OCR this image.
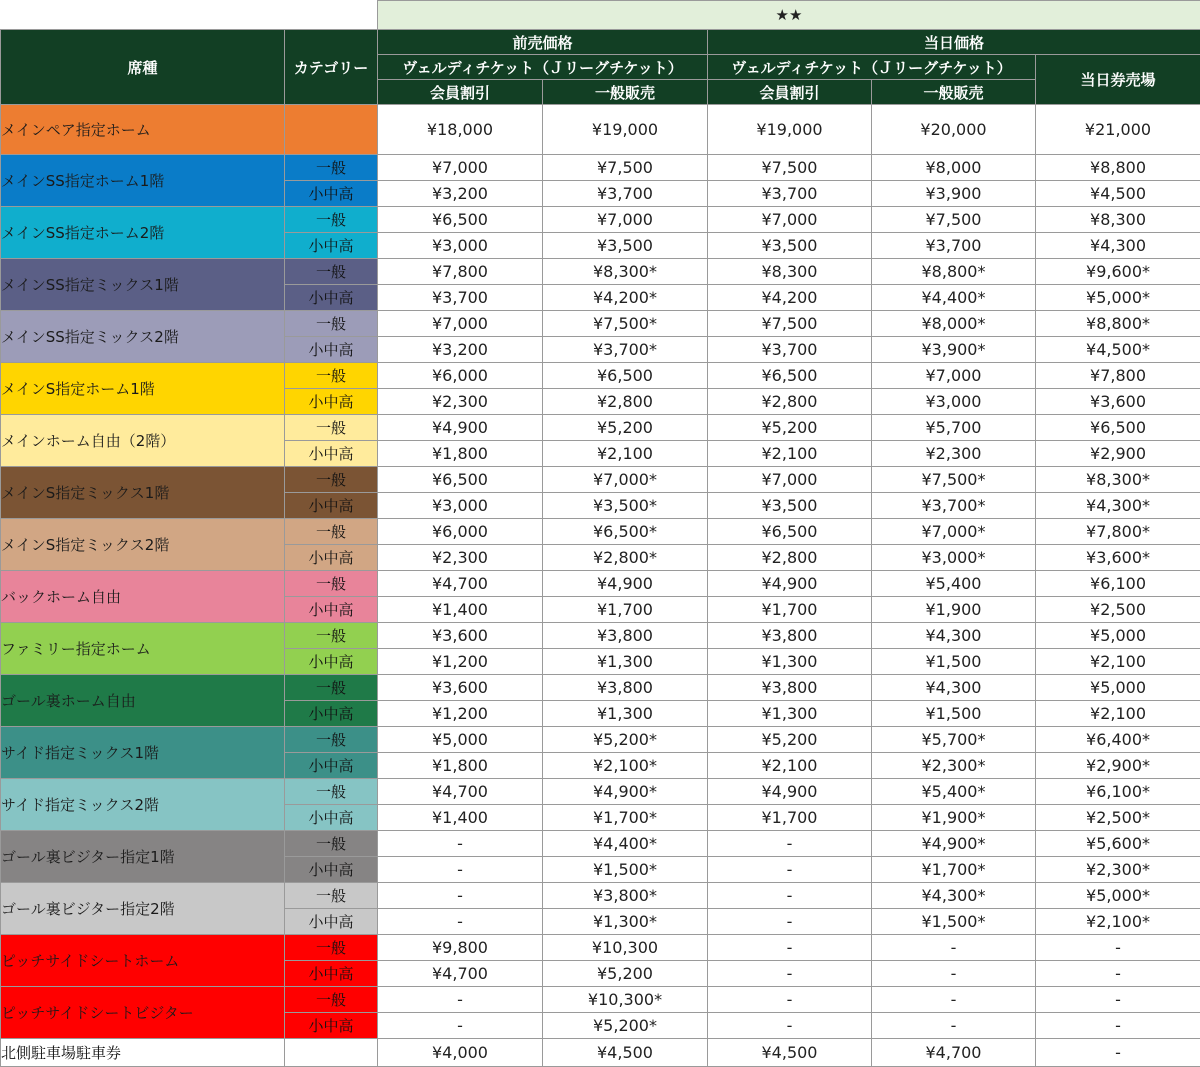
		★★				
席種	カテゴリー	前売価格		当日価格		
		ヴェルディチケット（Ｊリーグチケット）		ヴェルディチケット（Ｊリーグチケット）		当日券売場
		会員割引	一般販売	会員割引	一般販売	
メインペア指定ホーム		¥18,000	¥19,000	¥19,000	¥20,000	¥21,000
メインSS指定ホーム1階	一般	¥7,000	¥7,500	¥7,500	¥8,000	¥8,800
	小中高	¥3,200	¥3,700	¥3,700	¥3,900	¥4,500
メインSS指定ホーム2階	一般	¥6,500	¥7,000	¥7,000	¥7,500	¥8,300
	小中高	¥3,000	¥3,500	¥3,500	¥3,700	¥4,300
メインSS指定ミックス1階	一般	¥7,800	¥8,300*	¥8,300	¥8,800*	¥9,600*
	小中高	¥3,700	¥4,200*	¥4,200	¥4,400*	¥5,000*
メインSS指定ミックス2階	一般	¥7,000	¥7,500*	¥7,500	¥8,000*	¥8,800*
	小中高	¥3,200	¥3,700*	¥3,700	¥3,900*	¥4,500*
メインS指定ホーム1階	一般	¥6,000	¥6,500	¥6,500	¥7,000	¥7,800
	小中高	¥2,300	¥2,800	¥2,800	¥3,000	¥3,600
メインホーム自由（2階）	一般	¥4,900	¥5,200	¥5,200	¥5,700	¥6,500
	小中高	¥1,800	¥2,100	¥2,100	¥2,300	¥2,900
メインS指定ミックス1階	一般	¥6,500	¥7,000*	¥7,000	¥7,500*	¥8,300*
	小中高	¥3,000	¥3,500*	¥3,500	¥3,700*	¥4,300*
メインS指定ミックス2階	一般	¥6,000	¥6,500*	¥6,500	¥7,000*	¥7,800*
	小中高	¥2,300	¥2,800*	¥2,800	¥3,000*	¥3,600*
バックホーム自由	一般	¥4,700	¥4,900	¥4,900	¥5,400	¥6,100
	小中高	¥1,400	¥1,700	¥1,700	¥1,900	¥2,500
ファミリー指定ホーム	一般	¥3,600	¥3,800	¥3,800	¥4,300	¥5,000
	小中高	¥1,200	¥1,300	¥1,300	¥1,500	¥2,100
ゴール裏ホーム自由	一般	¥3,600	¥3,800	¥3,800	¥4,300	¥5,000
	小中高	¥1,200	¥1,300	¥1,300	¥1,500	¥2,100
サイド指定ミックス1階	一般	¥5,000	¥5,200*	¥5,200	¥5,700*	¥6,400*
	小中高	¥1,800	¥2,100*	¥2,100	¥2,300*	¥2,900*
サイド指定ミックス2階	一般	¥4,700	¥4,900*	¥4,900	¥5,400*	¥6,100*
	小中高	¥1,400	¥1,700*	¥1,700	¥1,900*	¥2,500*
ゴール裏ビジター指定1階	一般	-	¥4,400*	-	¥4,900*	¥5,600*
	小中高	-	¥1,500*	-	¥1,700*	¥2,300*
ゴール裏ビジター指定2階	一般	-	¥3,800*	-	¥4,300*	¥5,000*
	小中高	-	¥1,300*	-	¥1,500*	¥2,100*
ピッチサイドシートホーム	一般	¥9,800	¥10,300	-	-	-
	小中高	¥4,700	¥5,200	-	-	-
ピッチサイドシートビジター	一般	-	¥10,300*	-	-	-
	小中高	-	¥5,200*	-	-	-
北側駐車場駐車券		¥4,000	¥4,500	¥4,500	¥4,700	-
